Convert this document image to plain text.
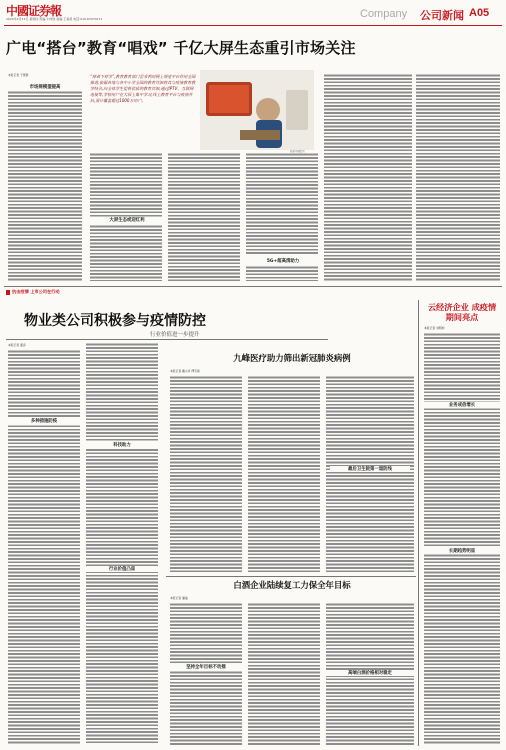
中國证券報
2020年2月13日 星期四 责编:牛仲逸 美编:王春燕 电话:010-63070271	Company 公司新闻 A05
广电“搭台”教育“唱戏” 千亿大屏生态重引市场关注
本报记者 于蒙蒙
市场规模望提高
“师者不停学”,教育教育部门要求利用网上课堂平台作用全国推进,依据各地与各中小学全国的教育资源将其与疫情教育教学结合,向全体学生提供优质的教育资源,通过IPTV、互联网电视等,学校用户在大屏上集中学习,线上教育平台与疫情共抗,预计覆盖超过1000万用户。
视觉中国图片
大屏生态或迎红利
5G+超高清助力
抗击疫情 上市公司在行动
物业类公司积极参与疫情防控
行业价值进一步提升
本报记者 董添
多种措施防疫
科技助力
行业价值凸显
九峰医疗助力筛出新冠肺炎病例
本报记者 戴小河 傅苏颖
最后卫生院第一道防线
白酒企业陆续复工力保全年目标
本报记者 潘福
坚持全年目标不动摇
高端白酒价格相对稳定
云经济企业 成疫情期间亮点
本报记者 刘明帅
业务成倍增长
长期趋势明显
